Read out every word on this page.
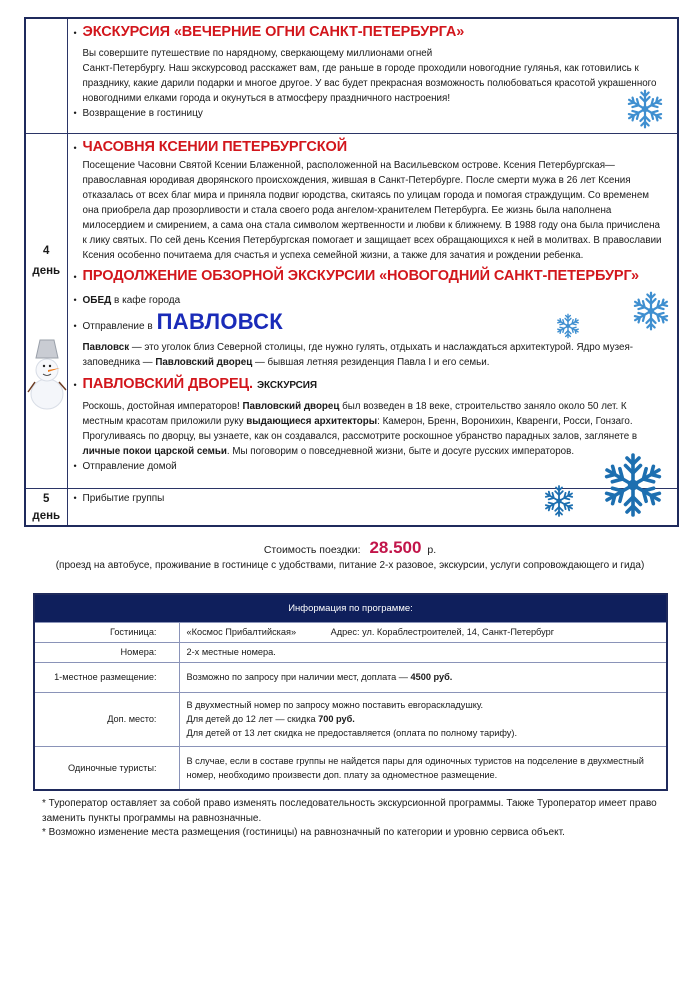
• ЭКСКУРСИЯ «ВЕЧЕРНИЕ ОГНИ САНКТ-ПЕТЕРБУРГА»
Вы совершите путешествие по нарядному, сверкающему миллионами огней
Санкт-Петербургу. Наш экскурсовод расскажет вам, где раньше в городе проходили новогодние гулянья, как готовились к празднику, какие дарили подарки и многое другое. У вас будет прекрасная возможность полюбоваться красотой украшенного новогодними елками города и окунуться в атмосферу праздничного настроения!
• Возвращение в гостиницу

4
день

• ЧАСОВНЯ КСЕНИИ ПЕТЕРБУРГСКОЙ
Посещение Часовни Святой Ксении Блаженной, расположенной на Васильевском острове. Ксения Петербургская—православная юродивая дворянского происхождения, жившая в Санкт-Петербурге. После смерти мужа в 26 лет Ксения отказалась от всех благ мира и приняла подвиг юродства, скитаясь по улицам города и помогая страждущим. Со временем она приобрела дар прозорливости и стала своего рода ангелом-хранителем Петербурга. Ее жизнь была наполнена милосердием и смирением, а сама она стала символом жертвенности и любви к ближнему. В 1988 году она была причислена к лику святых. По сей день Ксения Петербургская помогает и защищает всех обращающихся к ней в молитвах. В православии Ксения особенно почитаема для счастья и успеха семейной жизни, а также для зачатия и рождении ребенка.
• ПРОДОЛЖЕНИЕ ОБЗОРНОЙ ЭКСКУРСИИ «НОВОГОДНИЙ САНКТ-ПЕТЕРБУРГ»
• ОБЕД в кафе города
• Отправление в ПАВЛОВСК
Павловск — это уголок близ Северной столицы, где нужно гулять, отдыхать и наслаждаться архитектурой. Ядро музея-заповедника — Павловский дворец — бывшая летняя резиденция Павла I и его семьи.
• ПАВЛОВСКИЙ ДВОРЕЦ. ЭКСКУРСИЯ
Роскошь, достойная императоров! Павловский дворец был возведен в 18 веке, строительство заняло около 50 лет. К местным красотам приложили руку выдающиеся архитекторы: Камерон, Бренн, Воронихин, Кваренги, Росси, Гонзаго. Прогуливаясь по дворцу, вы узнаете, как он создавался, рассмотрите роскошное убранство парадных залов, заглянете в личные покои царской семьи. Мы поговорим о повседневной жизни, быте и досуге русских императоров.
• Отправление домой

5
день

• Прибытие группы
Стоимость поездки: 28.500 р.
(проезд на автобусе, проживание в гостинице с удобствами, питание 2-х разовое, экскурсии, услуги сопровождающего и гида)
Информация по программе:	
Гостиница:	«Космос Прибалтийская» Адрес: ул. Кораблестроителей, 14, Санкт-Петербург
Номера:	2-х местные номера.
1-местное размещение:	Возможно по запросу при наличии мест, доплата — 4500 руб.
Доп. место:	В двухместный номер по запросу можно поставить евroраскладушку.
Для детей до 12 лет — скидка 700 руб.
Для детей от 13 лет скидка не предоставляется (оплата по полному тарифу).

Одиночные туристы:	В случае, если в составе группы не найдется пары для одиночных туристов на подселение в двухместный номер, необходимо произвести доп. плату за одноместное размещение.
* Туроператор оставляет за собой право изменять последовательность экскурсионной программы. Также Туроператор имеет право заменить пункты программы на равнозначные.
* Возможно изменение места размещения (гостиницы) на равнозначный по категории и уровню сервиса объект.
